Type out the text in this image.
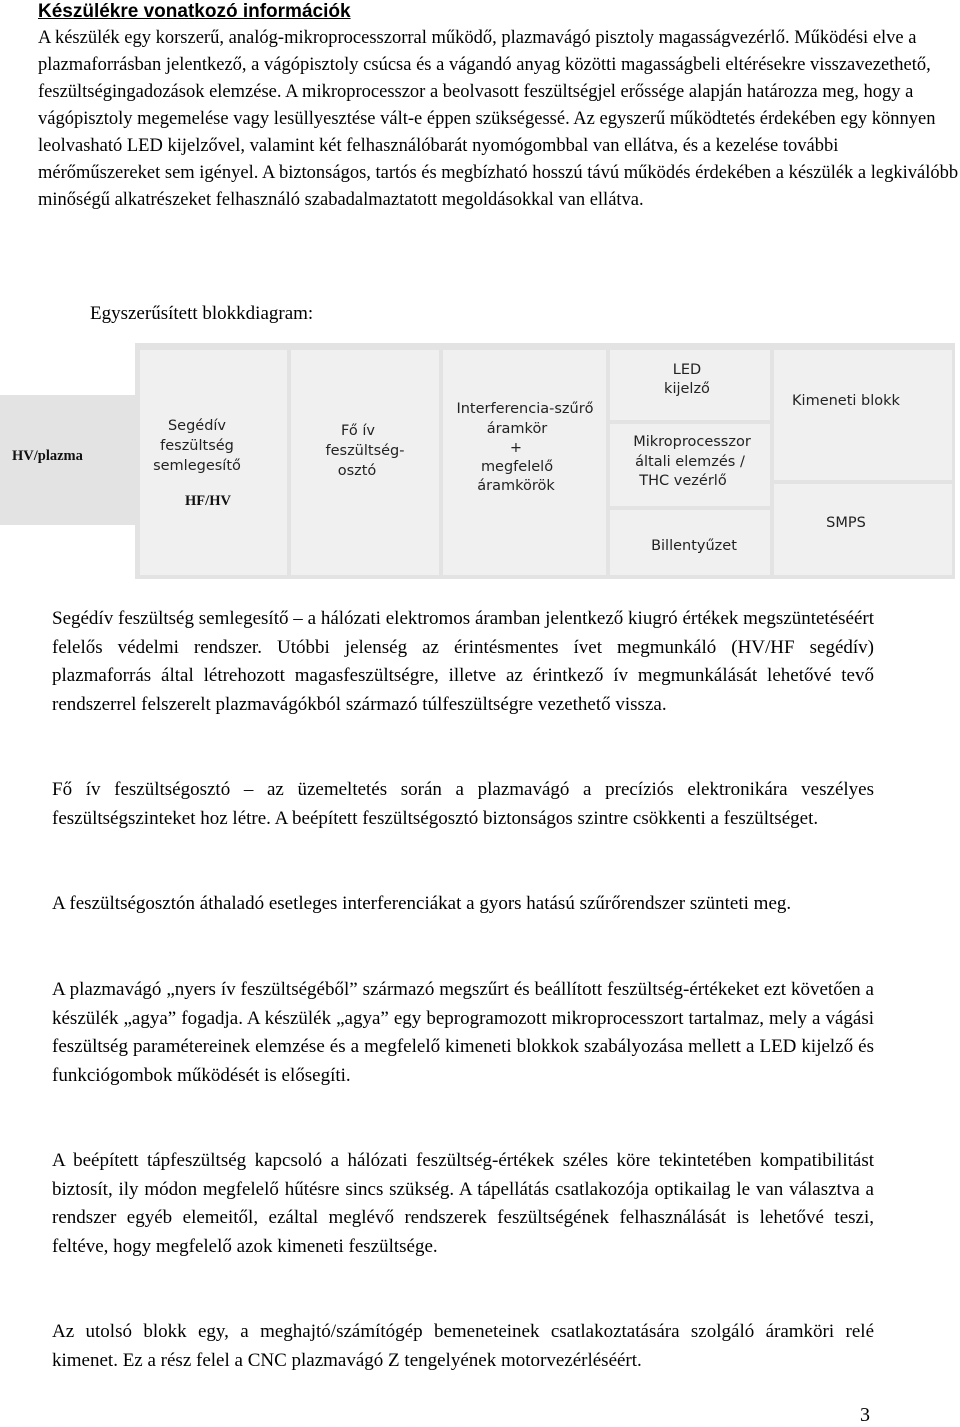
Készülékre vonatkozó információk

A készülék egy korszerű, analóg-mikroprocesszorral működő, plazmavágó pisztoly magasságvezérlő. Működési elve a plazmaforrásban jelentkező, a vágópisztoly csúcsa és a vágandó anyag közötti magasságbeli eltérésekre visszavezethető, feszültségingadozások elemzése. A mikroprocesszor a beolvasott feszültségjel erőssége alapján határozza meg, hogy a vágópisztoly megemelése vagy lesüllyesztése vált-e éppen szükségessé. Az egyszerű működtetés érdekében egy könnyen leolvasható LED kijelzővel, valamint két felhasználóbarát nyomógombbal van ellátva, és a kezelése további mérőműszereket sem igényel. A biztonságos, tartós és megbízható hosszú távú működés érdekében a készülék a legkiválóbb minőségű alkatrészeket felhasználó szabadalmaztatott megoldásokkal van ellátva.

Egyszerűsített blokkdiagram:

HV/plazma
Segédív
feszültség
semlegesítő
HF/HV
Fő ív
feszültség-
osztó
Interferencia-szűrő
áramkör
+
megfelelő
áramkörök
LED
kijelző
Mikroprocesszor
általi elemzés /
THC vezérlő
Billentyűzet
Kimeneti blokk
SMPS

Segédív feszültség semlegesítő – a hálózati elektromos áramban jelentkező kiugró értékek megszüntetéséért felelős védelmi rendszer. Utóbbi jelenség az érintésmentes ívet megmunkáló (HV/HF segédív) plazmaforrás által létrehozott magasfeszültségre, illetve az érintkező ív megmunkálását lehetővé tevő rendszerrel felszerelt plazmavágókból származó túlfeszültségre vezethető vissza.

Fő ív feszültségosztó – az üzemeltetés során a plazmavágó a precíziós elektronikára veszélyes feszültségszinteket hoz létre. A beépített feszültségosztó biztonságos szintre csökkenti a feszültséget.

A feszültségosztón áthaladó esetleges interferenciákat a gyors hatású szűrőrendszer szünteti meg.

A plazmavágó „nyers ív feszültségéből” származó megszűrt és beállított feszültség-értékeket ezt követően a készülék „agya” fogadja. A készülék „agya” egy beprogramozott mikroprocesszort tartalmaz, mely a vágási feszültség paramétereinek elemzése és a megfelelő kimeneti blokkok szabályozása mellett a LED kijelző és funkciógombok működését is elősegíti.

A beépített tápfeszültség kapcsoló a hálózati feszültség-értékek széles köre tekintetében kompatibilitást biztosít, ily módon megfelelő hűtésre sincs szükség. A tápellátás csatlakozója optikailag le van választva a rendszer egyéb elemeitől, ezáltal meglévő rendszerek feszültségének felhasználását is lehetővé teszi, feltéve, hogy megfelelő azok kimeneti feszültsége.

Az utolsó blokk egy, a meghajtó/számítógép bemeneteinek csatlakoztatására szolgáló áramköri relé kimenet. Ez a rész felel a CNC plazmavágó Z tengelyének motorvezérléséért.

3
